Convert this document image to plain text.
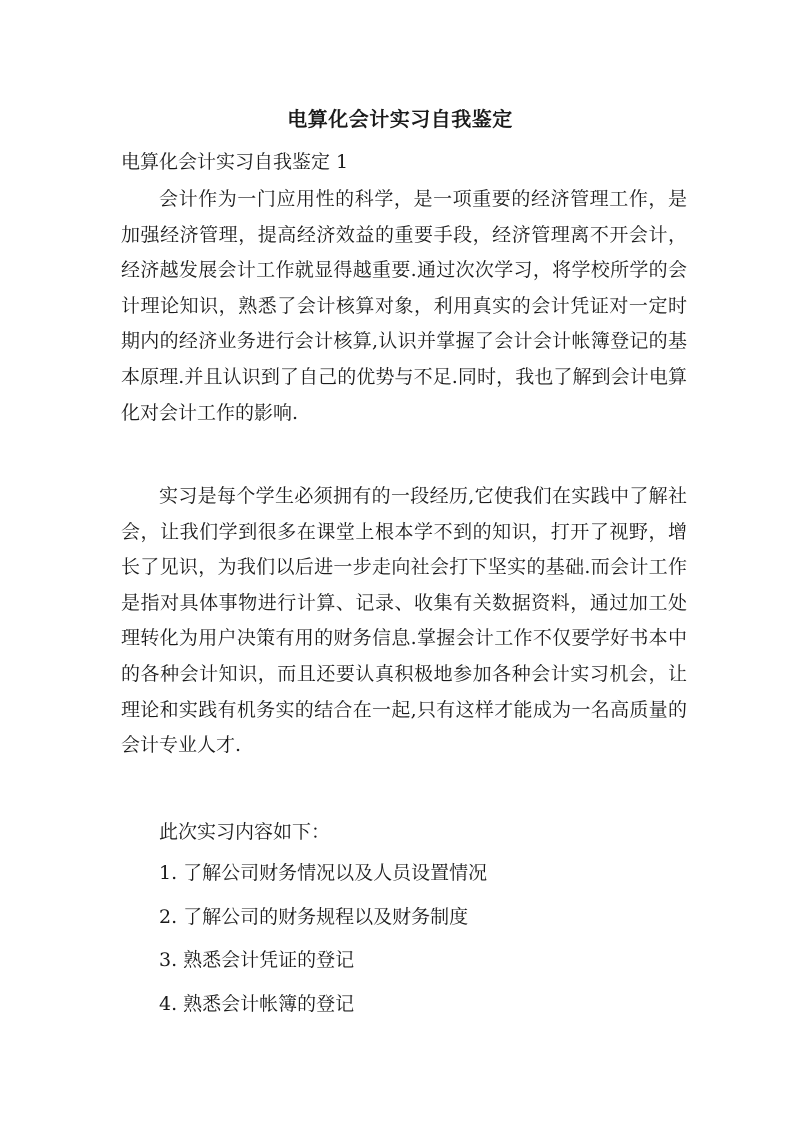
电算化会计实习自我鉴定
电算化会计实习自我鉴定 1

会计作为一门应用性的科学，是一项重要的经济管理工作，是加强经济管理，提高经济效益的重要手段，经济管理离不开会计，经济越发展会计工作就显得越重要.通过次次学习，将学校所学的会计理论知识，熟悉了会计核算对象，利用真实的会计凭证对一定时期内的经济业务进行会计核算,认识并掌握了会计会计帐簿登记的基本原理.并且认识到了自己的优势与不足.同时，我也了解到会计电算化对会计工作的影响.

实习是每个学生必须拥有的一段经历,它使我们在实践中了解社会，让我们学到很多在课堂上根本学不到的知识，打开了视野，增长了见识，为我们以后进一步走向社会打下坚实的基础.而会计工作是指对具体事物进行计算、记录、收集有关数据资料，通过加工处理转化为用户决策有用的财务信息.掌握会计工作不仅要学好书本中的各种会计知识，而且还要认真积极地参加各种会计实习机会，让理论和实践有机务实的结合在一起,只有这样才能成为一名高质量的会计专业人才.

此次实习内容如下：
1. 了解公司财务情况以及人员设置情况
2. 了解公司的财务规程以及财务制度
3. 熟悉会计凭证的登记
4. 熟悉会计帐簿的登记
